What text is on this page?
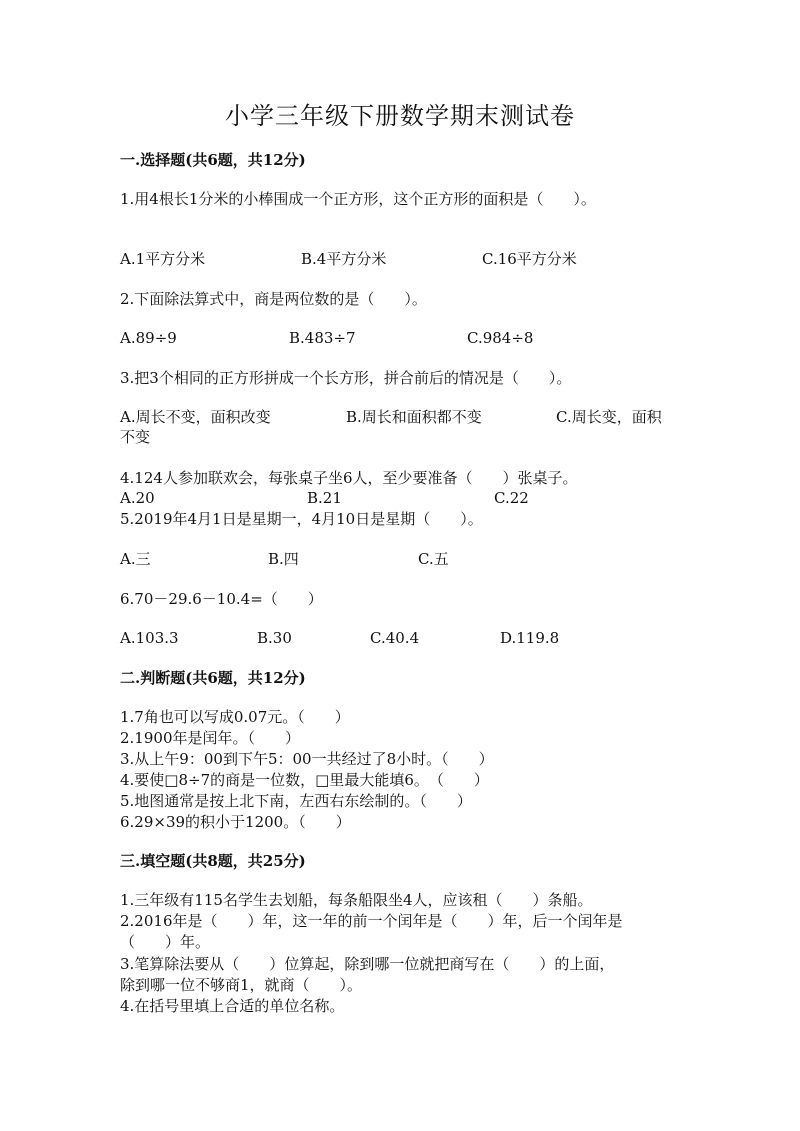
小学三年级下册数学期末测试卷
一.选择题(共6题，共12分)
1.用4根长1分米的小棒围成一个正方形，这个正方形的面积是（　　）。
A.1平方分米	B.4平方分米	C.16平方分米
2.下面除法算式中，商是两位数的是（　　）。
A.89÷9	B.483÷7	C.984÷8
3.把3个相同的正方形拼成一个长方形，拼合前后的情况是（　　）。
A.周长不变，面积改变	B.周长和面积都不变	C.周长变，面积
不变
4.124人参加联欢会，每张桌子坐6人，至少要准备（　　）张桌子。
A.20	B.21	C.22
5.2019年4月1日是星期一，4月10日是星期（　　）。
A.三	B.四	C.五
6.70－29.6－10.4=（　　）
A.103.3	B.30	C.40.4	D.119.8
二.判断题(共6题，共12分)
1.7角也可以写成0.07元。（　　）
2.1900年是闰年。（　　）
3.从上午9：00到下午5：00一共经过了8小时。（　　）
4.要使□8÷7的商是一位数，□里最大能填6。　（　　）
5.地图通常是按上北下南，左西右东绘制的。（　　）
6.29×39的积小于1200。（　　）
三.填空题(共8题，共25分)
1.三年级有115名学生去划船，每条船限坐4人，应该租（　　）条船。
2.2016年是（　　）年，这一年的前一个闰年是（　　）年，后一个闰年是
（　　）年。
3.笔算除法要从（　　）位算起，除到哪一位就把商写在（　　）的上面，
除到哪一位不够商1，就商（　　）。
4.在括号里填上合适的单位名称。
